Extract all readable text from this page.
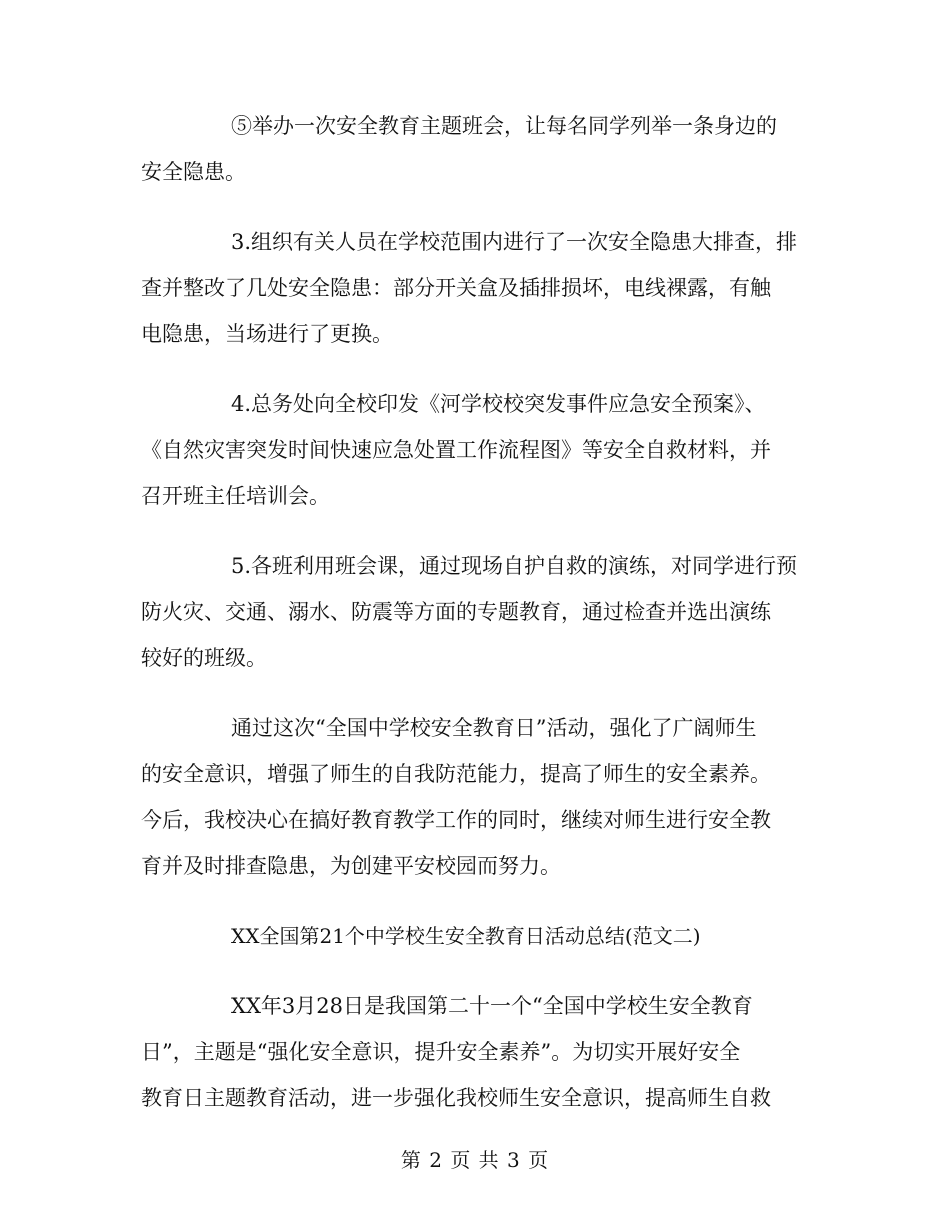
⑤举办一次安全教育主题班会，让每名同学列举一条身边的
安全隐患。
3.组织有关人员在学校范围内进行了一次安全隐患大排查，排
查并整改了几处安全隐患：部分开关盒及插排损坏，电线裸露，有触
电隐患，当场进行了更换。
4.总务处向全校印发《河学校校突发事件应急安全预案》、
《自然灾害突发时间快速应急处置工作流程图》等安全自救材料，并
召开班主任培训会。
5.各班利用班会课，通过现场自护自救的演练，对同学进行预
防火灾、交通、溺水、防震等方面的专题教育，通过检查并选出演练
较好的班级。
通过这次“全国中学校安全教育日”活动，强化了广阔师生
的安全意识，增强了师生的自我防范能力，提高了师生的安全素养。
今后，我校决心在搞好教育教学工作的同时，继续对师生进行安全教
育并及时排查隐患，为创建平安校园而努力。
XX全国第21个中学校生安全教育日活动总结(范文二)
XX年3月28日是我国第二十一个“全国中学校生安全教育
日”，主题是“强化安全意识，提升安全素养”。为切实开展好安全
教育日主题教育活动，进一步强化我校师生安全意识，提高师生自救
第 2 页 共 3 页
